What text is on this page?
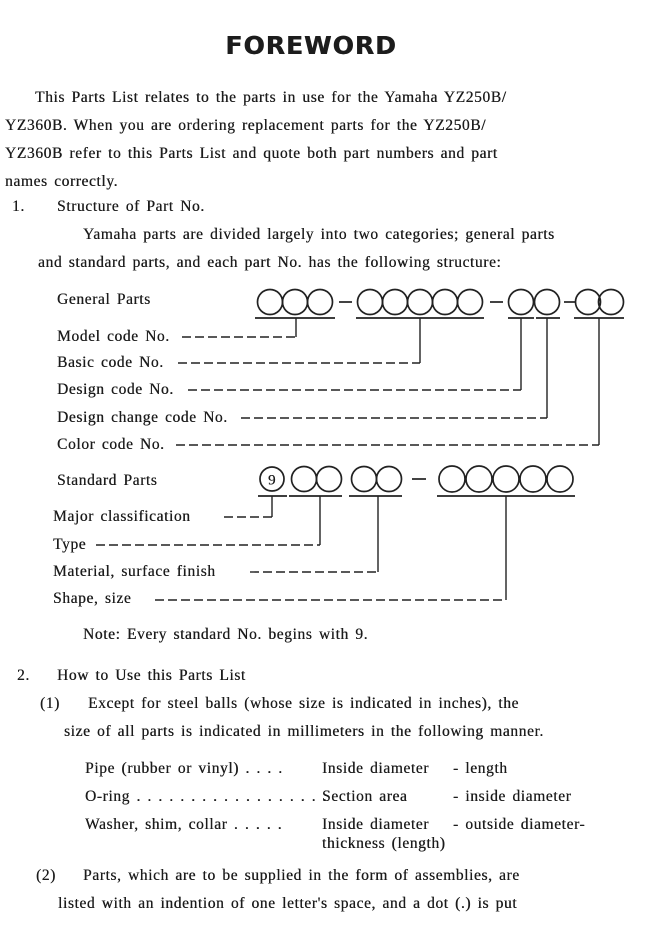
FOREWORD
This Parts List relates to the parts in use for the Yamaha YZ250B/
YZ360B. When you are ordering replacement parts for the YZ250B/
YZ360B refer to this Parts List and quote both part numbers and part
names correctly.
1. Structure of Part No.
Yamaha parts are divided largely into two categories; general parts
and standard parts, and each part No. has the following structure:
General Parts
Model code No.
Basic code No.
Design code No.
Design change code No.
Color code No.
9
Standard Parts
Major classification
Type
Material, surface finish
Shape, size
Note: Every standard No. begins with 9.
2. How to Use this Parts List
(1) Except for steel balls (whose size is indicated in inches), the
size of all parts is indicated in millimeters in the following manner.
Pipe (rubber or vinyl) . . . .	Inside diameter - length
O-ring . . . . . . . . . . . . . . . . . .Section area	- inside diameter
Washer, shim, collar . . . . .	Inside diameter - outside diameter-
thickness (length)
(2) Parts, which are to be supplied in the form of assemblies, are
listed with an indention of one letter's space, and a dot (.) is put
